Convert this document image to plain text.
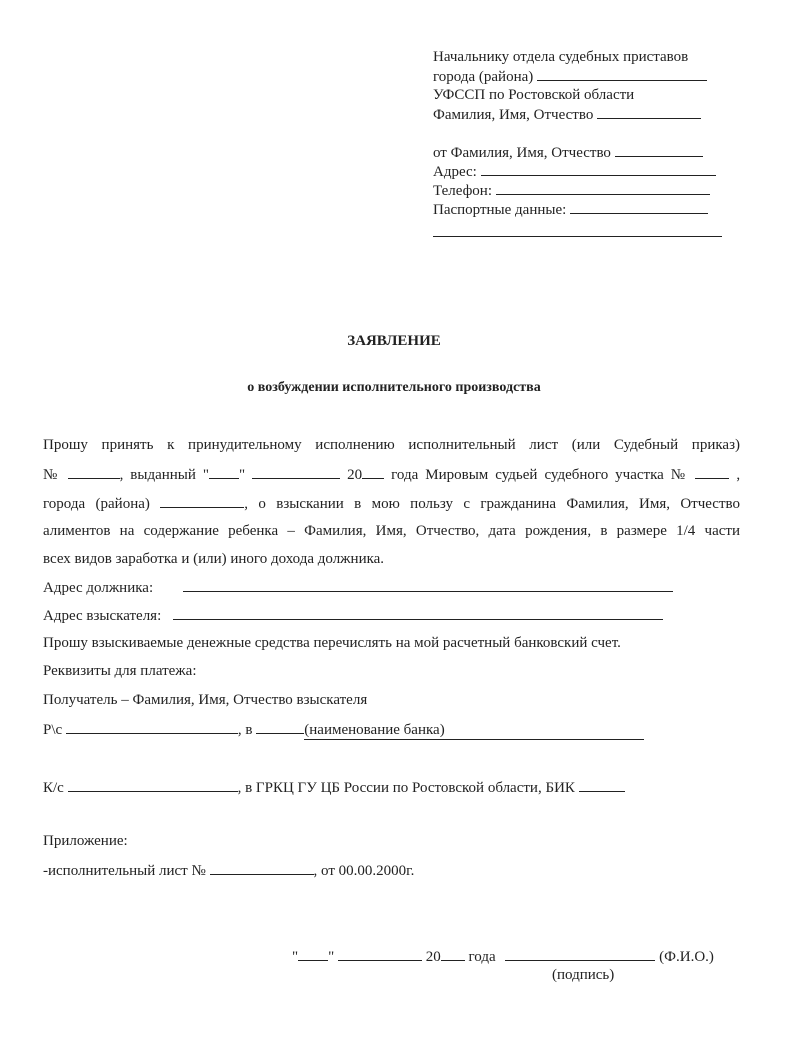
Начальнику отдела судебных приставов
города (района)
УФССП по Ростовской области
Фамилия, Имя, Отчество
от Фамилия, Имя, Отчество
Адрес:
Телефон:
Паспортные данные:
ЗАЯВЛЕНИЕ
о возбуждении исполнительного производства
Прошу принять к принудительному исполнению исполнительный лист (или Судебный приказ)
№	, выданный " "	20 года Мировым судьей судебного участка №	,
города (района)	, о взыскании в мою пользу с гражданина Фамилия, Имя, Отчество
алиментов на содержание ребенка – Фамилия, Имя, Отчество, дата рождения, в размере 1/4 части
всех видов заработка и (или) иного дохода должника.
Адрес должника:
Адрес взыскателя:
Прошу взыскиваемые денежные средства перечислять на мой расчетный банковский счет.
Реквизиты для платежа:
Получатель – Фамилия, Имя, Отчество взыскателя
Р\с	, в	(наименование банка)
К/с	, в ГРКЦ ГУ ЦБ России по Ростовской области, БИК
Приложение:
-исполнительный лист №	, от 00.00.2000г.
" "	20 года	(Ф.И.О.)
(подпись)
